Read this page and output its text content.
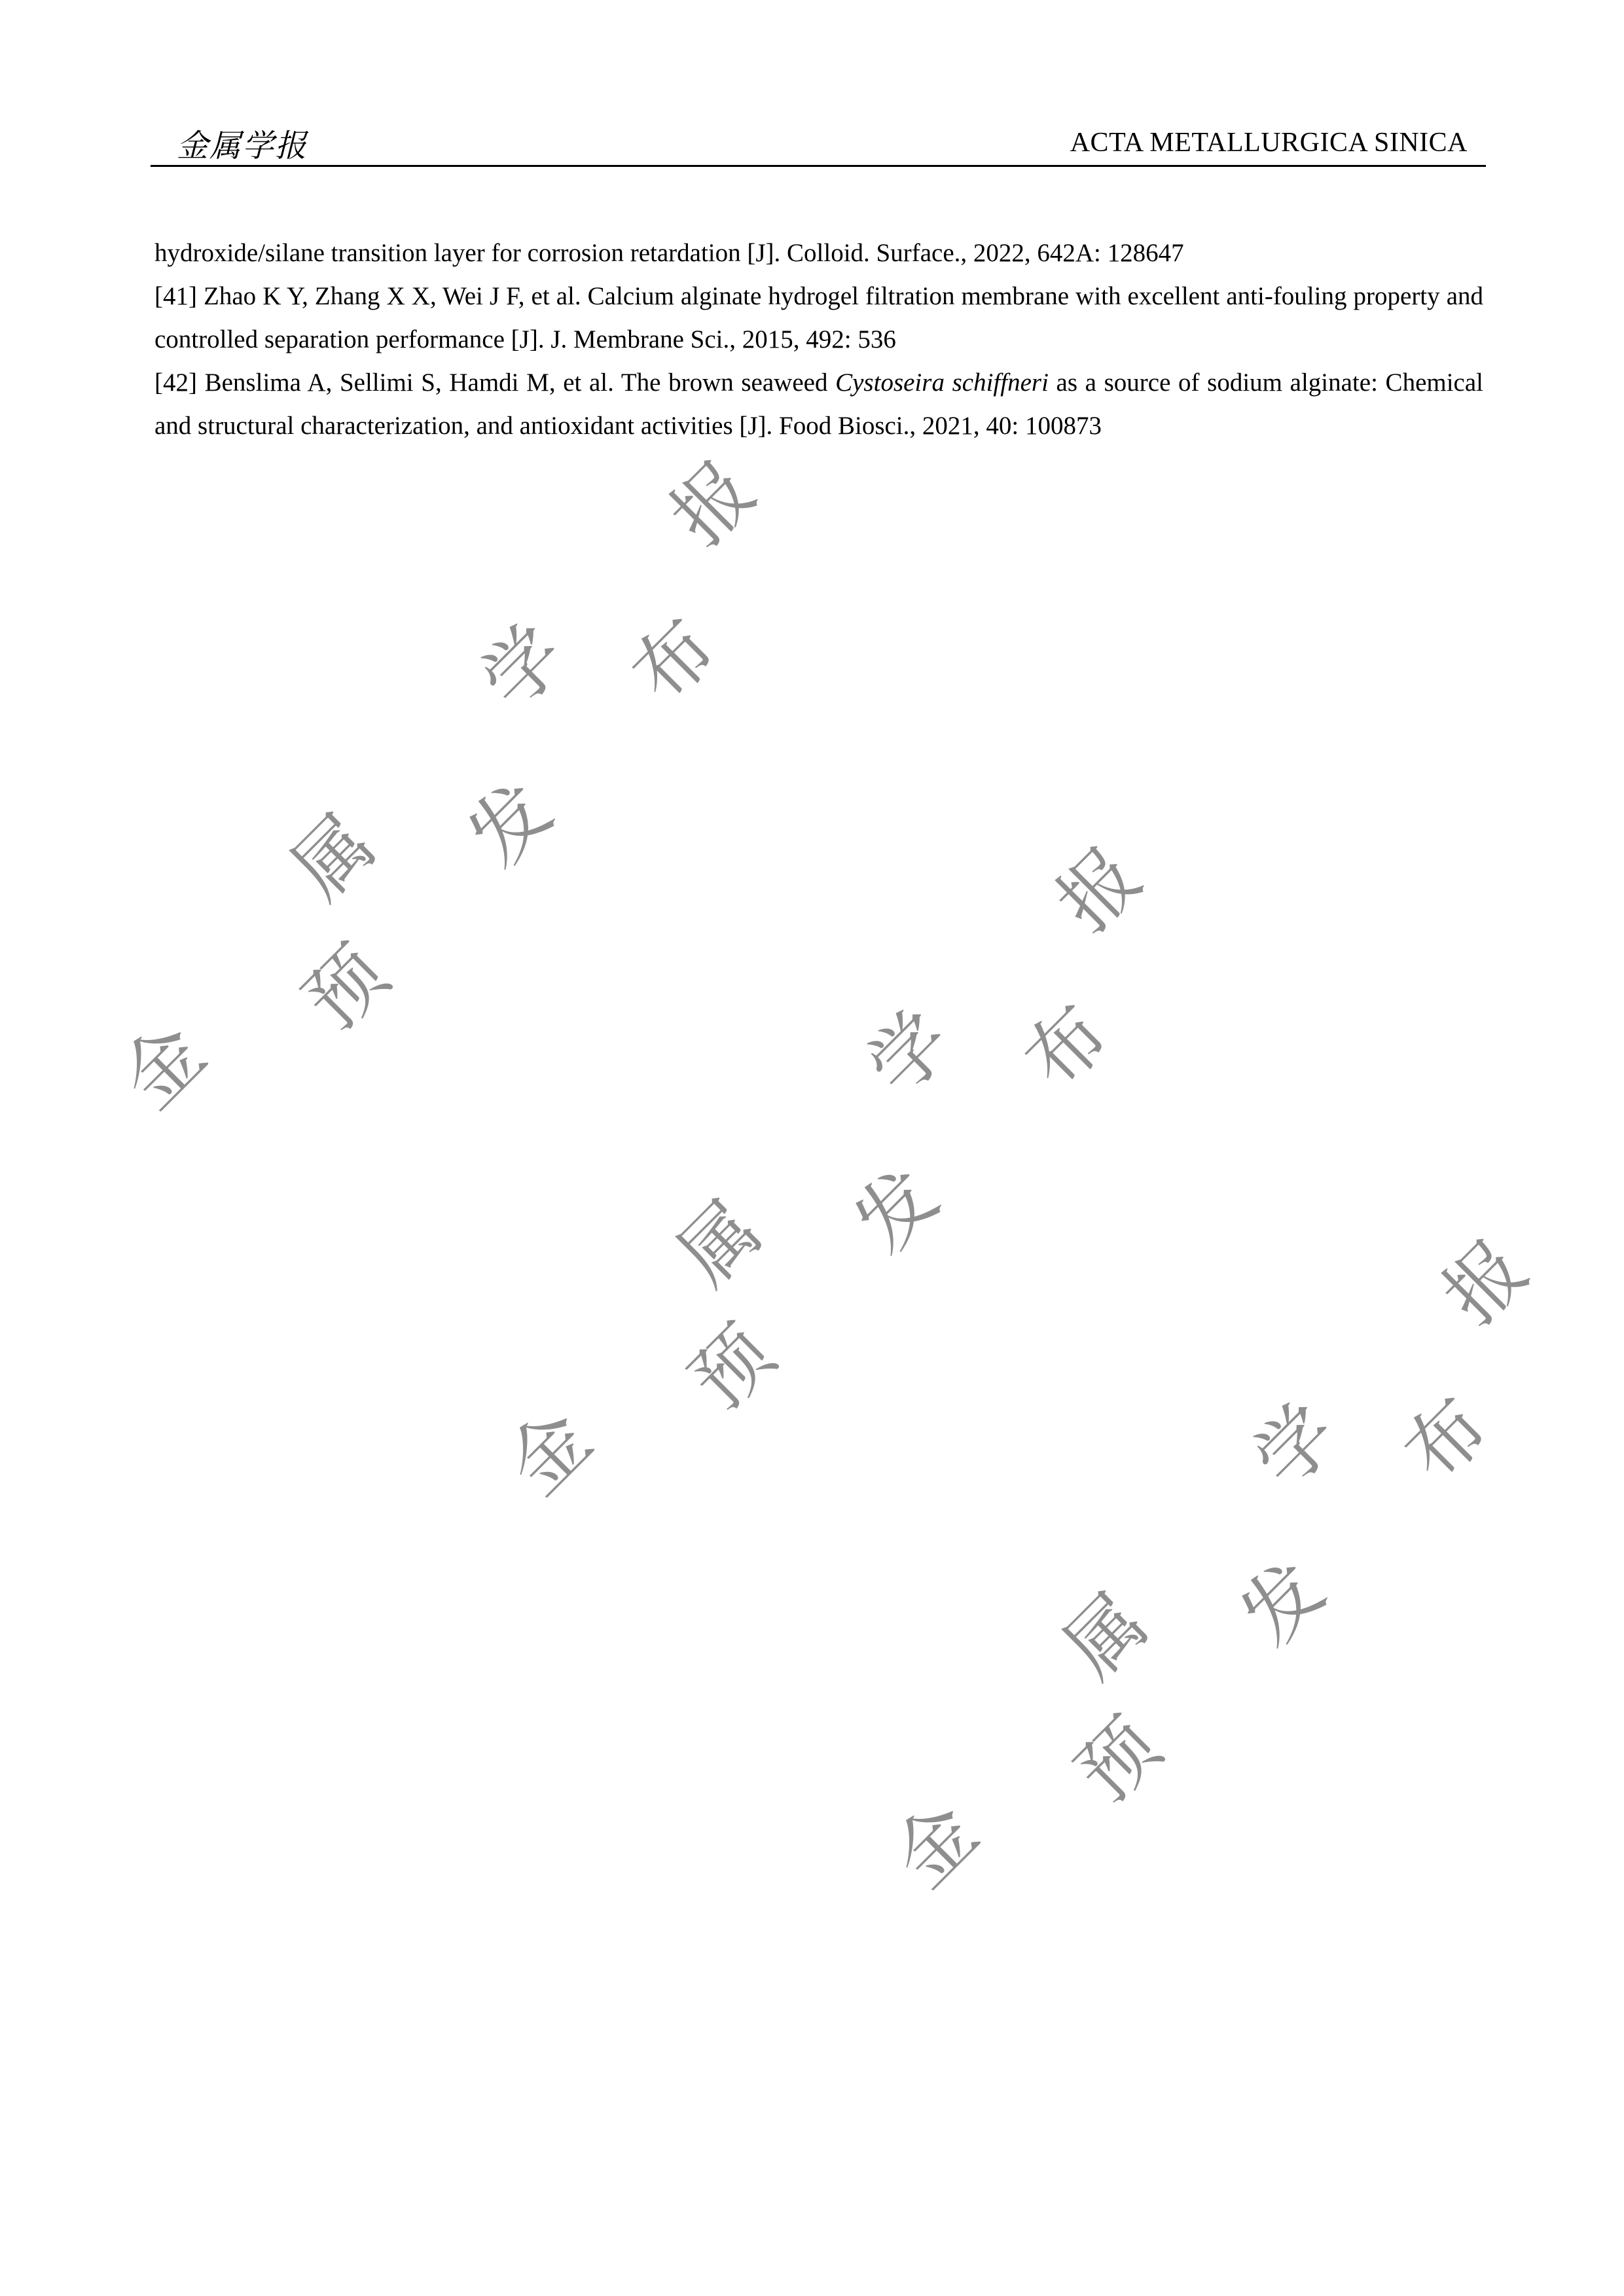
金属学报	ACTA METALLURGICA SINICA

hydroxide/silane transition layer for corrosion retardation [J]. Colloid. Surface., 2022, 642A: 128647

[41] Zhao K Y, Zhang X X, Wei J F, et al. Calcium alginate hydrogel filtration membrane with excellent anti-fouling property and controlled separation performance [J]. J. Membrane Sci., 2015, 492: 536

[42] Benslima A, Sellimi S, Hamdi M, et al. The brown seaweed Cystoseira schiffneri as a source of sodium alginate: Chemical and structural characterization, and antioxidant activities [J]. Food Biosci., 2021, 40: 100873

金
预
属 发
学 布
报
金
预
属 发
学 布
报
金
预
属 发
学 布
报
